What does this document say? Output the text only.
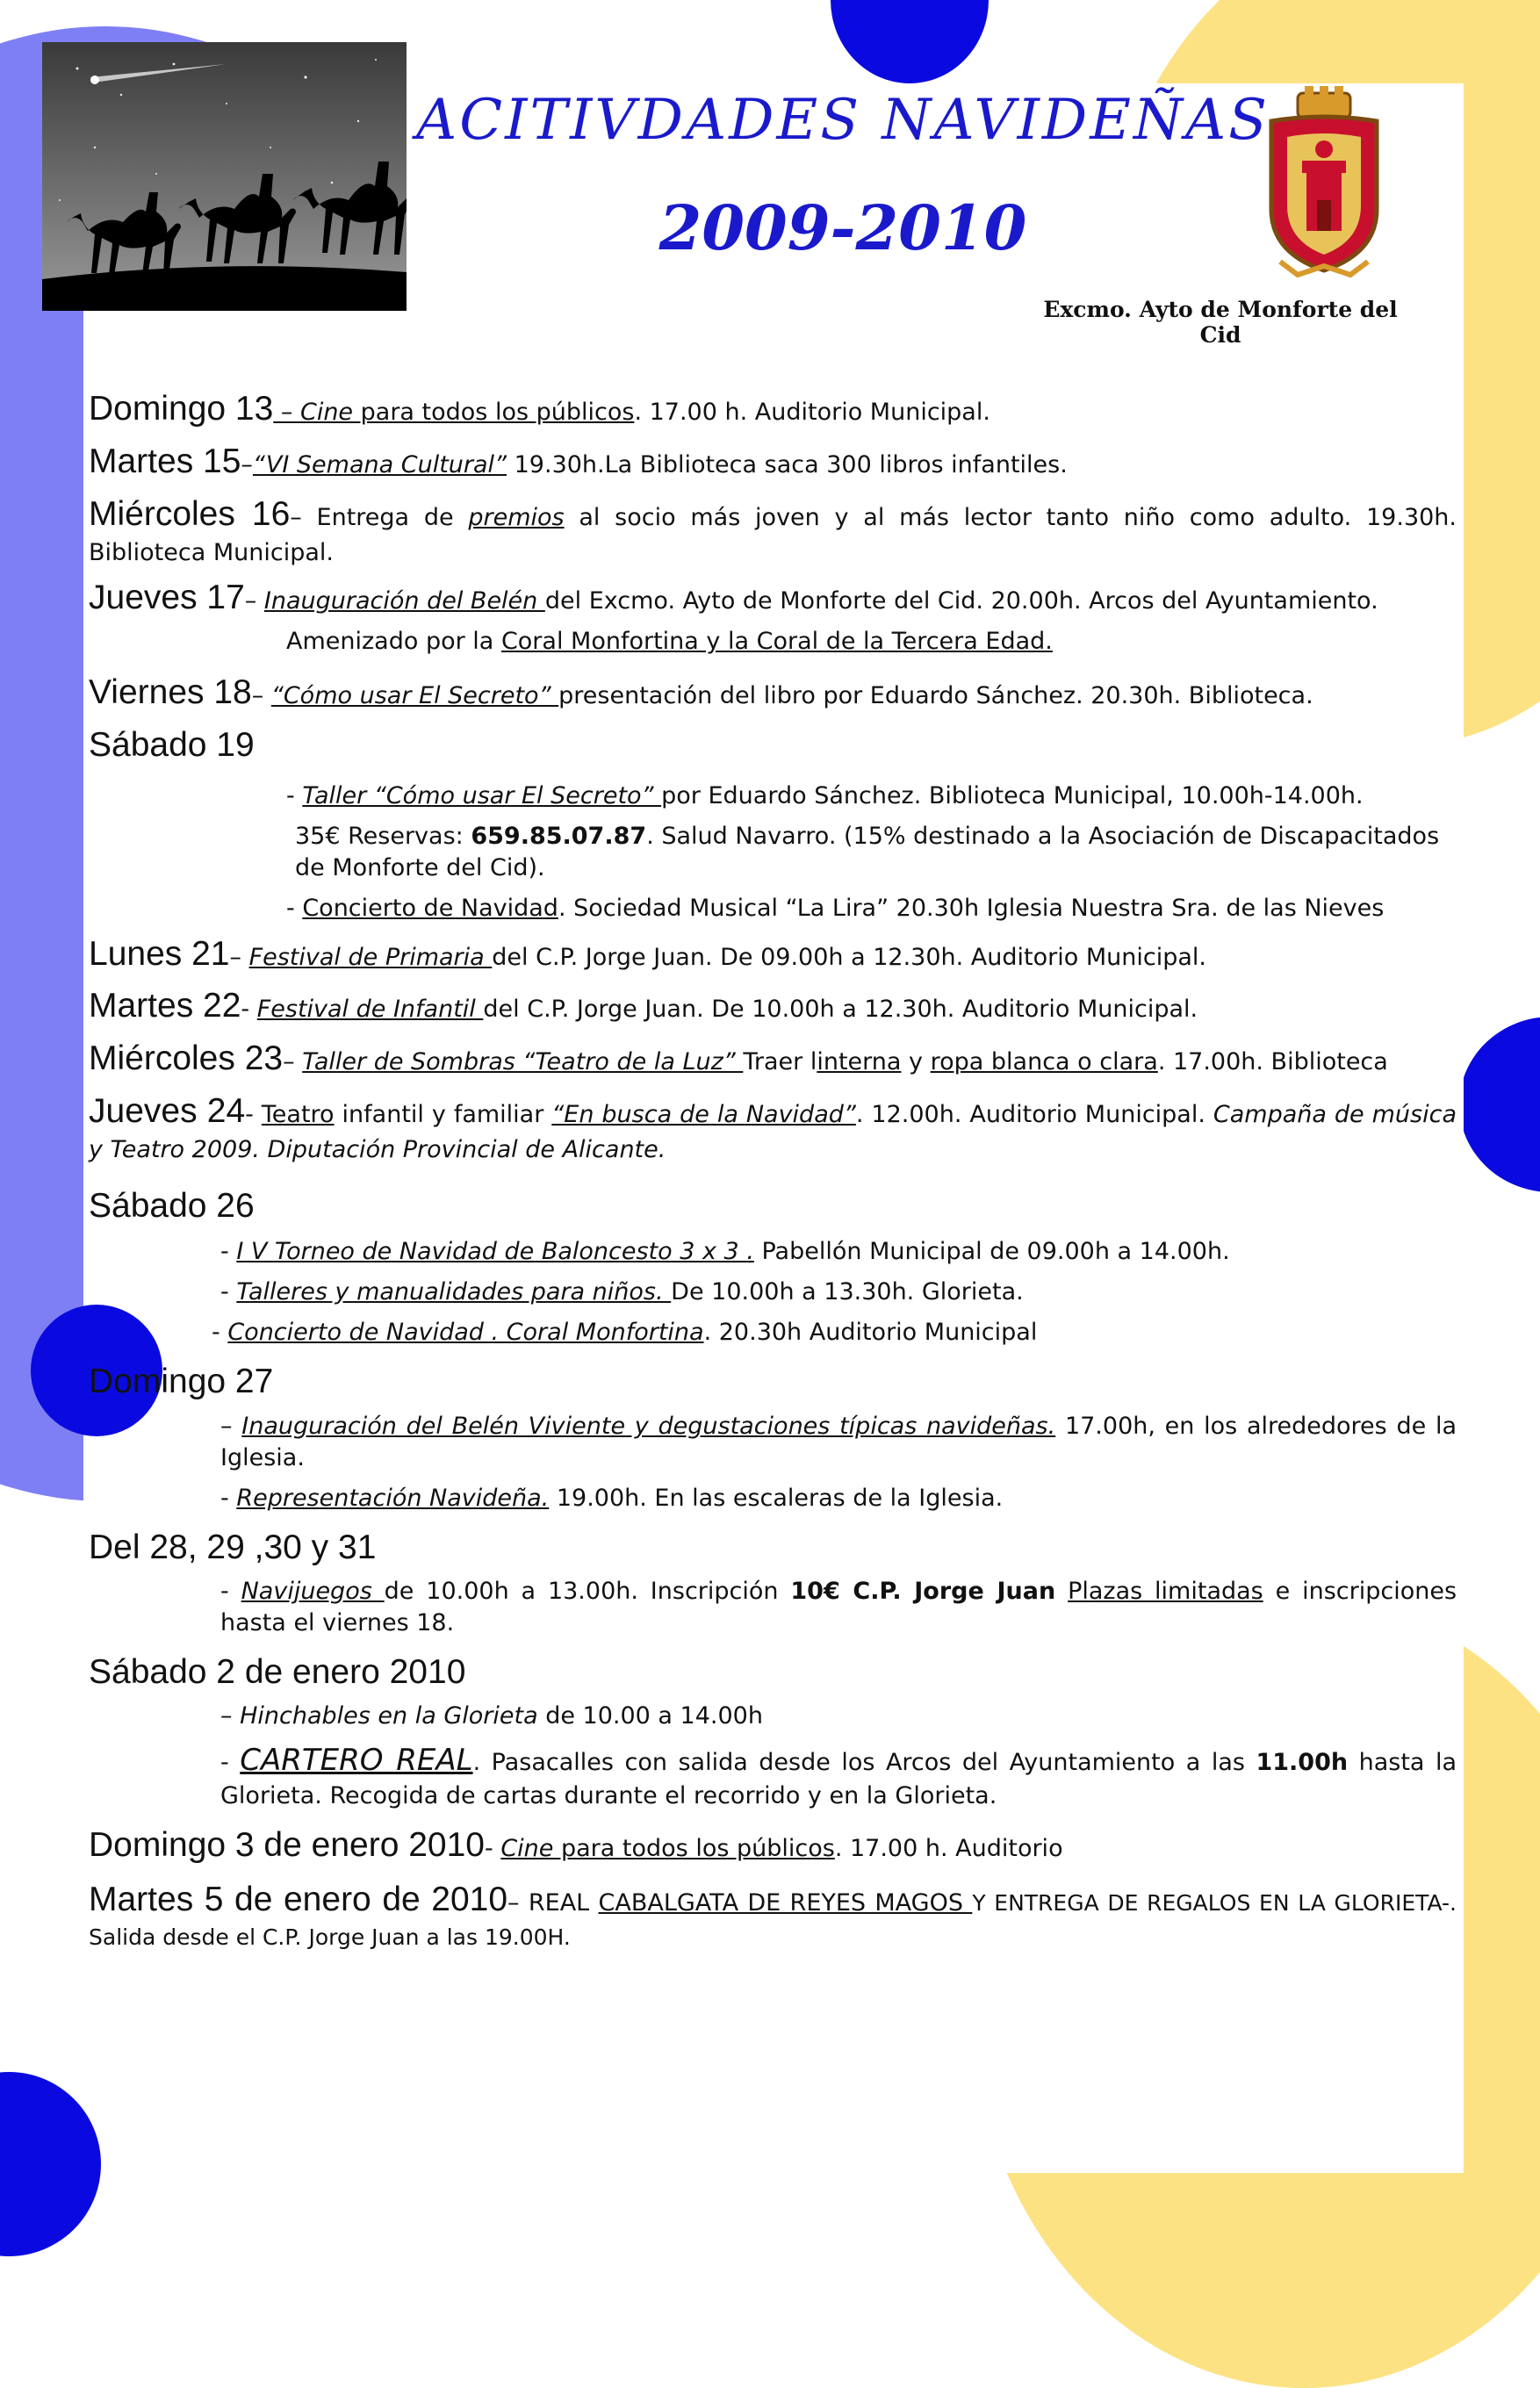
ACITIVDADES NAVIDEÑAS
2009-2010
Excmo. Ayto de Monforte del Cid

Domingo 13 – Cine para todos los públicos. 17.00 h. Auditorio Municipal.

Martes 15–“VI Semana Cultural” 19.30h.La Biblioteca saca 300 libros infantiles.

Miércoles 16– Entrega de premios al socio más joven y al más lector tanto niño como adulto. 19.30h. Biblioteca Municipal.

Jueves 17– Inauguración del Belén del Excmo. Ayto de Monforte del Cid. 20.00h. Arcos del Ayuntamiento.

Amenizado por la Coral Monfortina y la Coral de la Tercera Edad.

Viernes 18– “Cómo usar El Secreto” presentación del libro por Eduardo Sánchez. 20.30h. Biblioteca.

Sábado 19

- Taller “Cómo usar El Secreto” por Eduardo Sánchez. Biblioteca Municipal, 10.00h-14.00h.

35€ Reservas: 659.85.07.87. Salud Navarro. (15% destinado a la Asociación de Discapacitados de Monforte del Cid).

- Concierto de Navidad. Sociedad Musical “La Lira” 20.30h Iglesia Nuestra Sra. de las Nieves

Lunes 21– Festival de Primaria del C.P. Jorge Juan. De 09.00h a 12.30h. Auditorio Municipal.

Martes 22- Festival de Infantil del C.P. Jorge Juan. De 10.00h a 12.30h. Auditorio Municipal.

Miércoles 23– Taller de Sombras “Teatro de la Luz” Traer linterna y ropa blanca o clara. 17.00h. Biblioteca

Jueves 24- Teatro infantil y familiar “En busca de la Navidad”. 12.00h. Auditorio Municipal. Campaña de música y Teatro 2009. Diputación Provincial de Alicante.

Sábado 26

- I V Torneo de Navidad de Baloncesto 3 x 3 . Pabellón Municipal de 09.00h a 14.00h.

- Talleres y manualidades para niños. De 10.00h a 13.30h. Glorieta.

- Concierto de Navidad . Coral Monfortina. 20.30h Auditorio Municipal

Domingo 27

– Inauguración del Belén Viviente y degustaciones típicas navideñas. 17.00h, en los alrededores de la Iglesia.

- Representación Navideña. 19.00h. En las escaleras de la Iglesia.

Del 28, 29 ,30 y 31

- Navijuegos de 10.00h a 13.00h. Inscripción 10€ C.P. Jorge Juan Plazas limitadas e inscripciones hasta el viernes 18.

Sábado 2 de enero 2010

– Hinchables en la Glorieta de 10.00 a 14.00h

- CARTERO REAL. Pasacalles con salida desde los Arcos del Ayuntamiento a las 11.00h hasta la Glorieta. Recogida de cartas durante el recorrido y en la Glorieta.

Domingo 3 de enero 2010- Cine para todos los públicos. 17.00 h. Auditorio

Martes 5 de enero de 2010– REAL CABALGATA DE REYES MAGOS Y ENTREGA DE REGALOS EN LA GLORIETA-. Salida desde el C.P. Jorge Juan a las 19.00H.
